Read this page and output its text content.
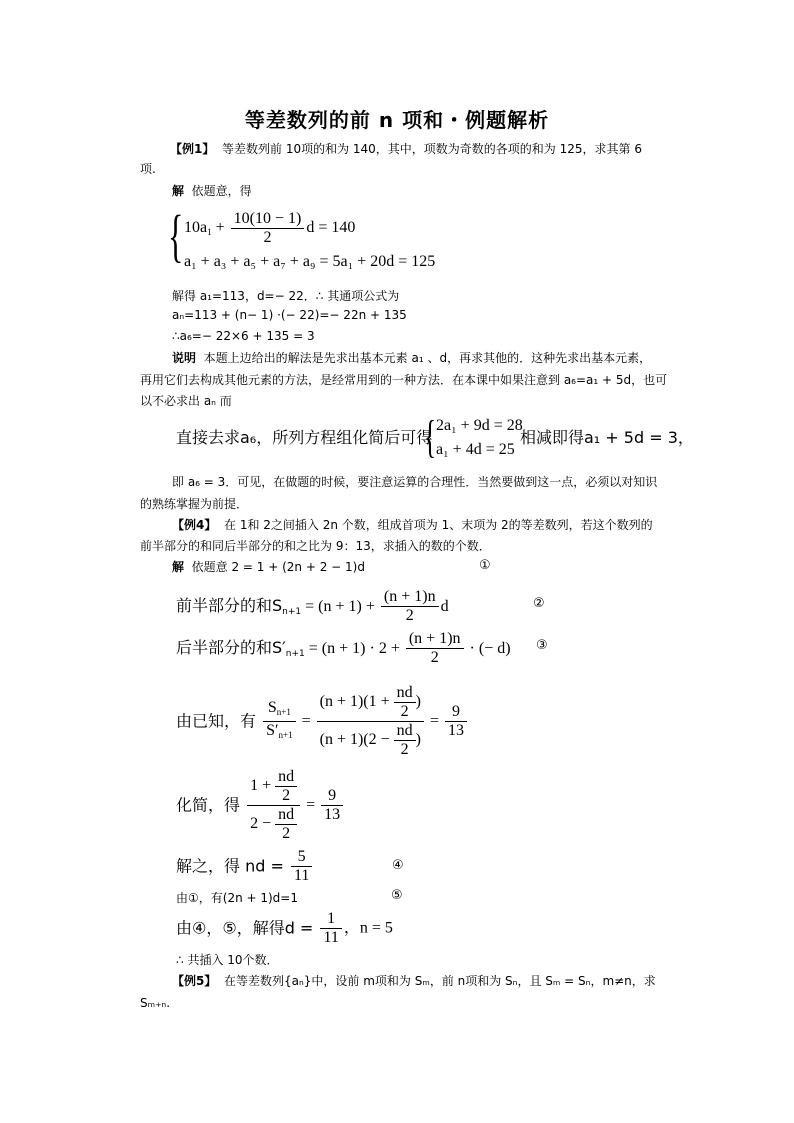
等差数列的前 n 项和・例题解析
【例1】 等差数列前 10项的和为 140，其中，项数为奇数的各项的和为 125，求其第 6
项.
解 依题意，得
{ $10a_1 + \frac{10(10 - 1)}{2}$ d = 140
a₁ + a₃ + a₅ + a₇ + a₉ = 5a₁ + 20d = 125
解得 a₁=113，d=− 22．∴ 其通项公式为
aₙ=113 + (n− 1) ·(− 22)=− 22n + 135
∴a₆=− 22×6 + 135 = 3
说明 本题上边给出的解法是先求出基本元素 a₁ 、d，再求其他的．这种先求出基本元素，
再用它们去构成其他元素的方法，是经常用到的一种方法．在本课中如果注意到 a₆=a₁ + 5d，也可
以不必求出 aₙ 而
直接去求a₆，所列方程组化简后可得
{ 2a₁ + 9d = 28
a₁ + 4d = 25
相减即得a₁ + 5d = 3，
即 a₆ = 3．可见，在做题的时候，要注意运算的合理性．当然要做到这一点，必须以对知识
的熟练掌握为前提．
【例4】 在 1和 2之间插入 2n 个数，组成首项为 1、末项为 2的等差数列，若这个数列的
前半部分的和同后半部分的和之比为 9：13，求插入的数的个数．
解 依题意 2 = 1 + (2n + 2 − 1)d	①
前半部分的和$S_{n+1} = (n + 1) + \frac{(n + 1)n}{2}$ d	②
后半部分的和$S'_{n+1} = (n + 1) \cdot 2 + \frac{(n + 1)n}{2}$ · (− d) ③
由已知，有 $\frac{S_{n+1}}{S'_{n+1}} = \frac{(n + 1)(1 + \frac{nd}{2} )}{(n + 1)(2 - \frac{nd}{2} )} = \frac{9}{13}$
化简，得 $\frac{1 + \frac{nd}{2}}{2 - \frac{nd}{2}} = \frac{9}{13}$
解之，得 nd = $\frac{5}{11}$	④
由①，有(2n + 1)d=1	⑤
由④，⑤，解得$d = \frac{1}{11}$ ，n = 5
∴ 共插入 10个数．
【例5】 在等差数列{aₙ}中，设前 m项和为 Sₘ，前 n项和为 Sₙ，且 Sₘ = Sₙ，m≠n，求
Sₘ₊ₙ.
